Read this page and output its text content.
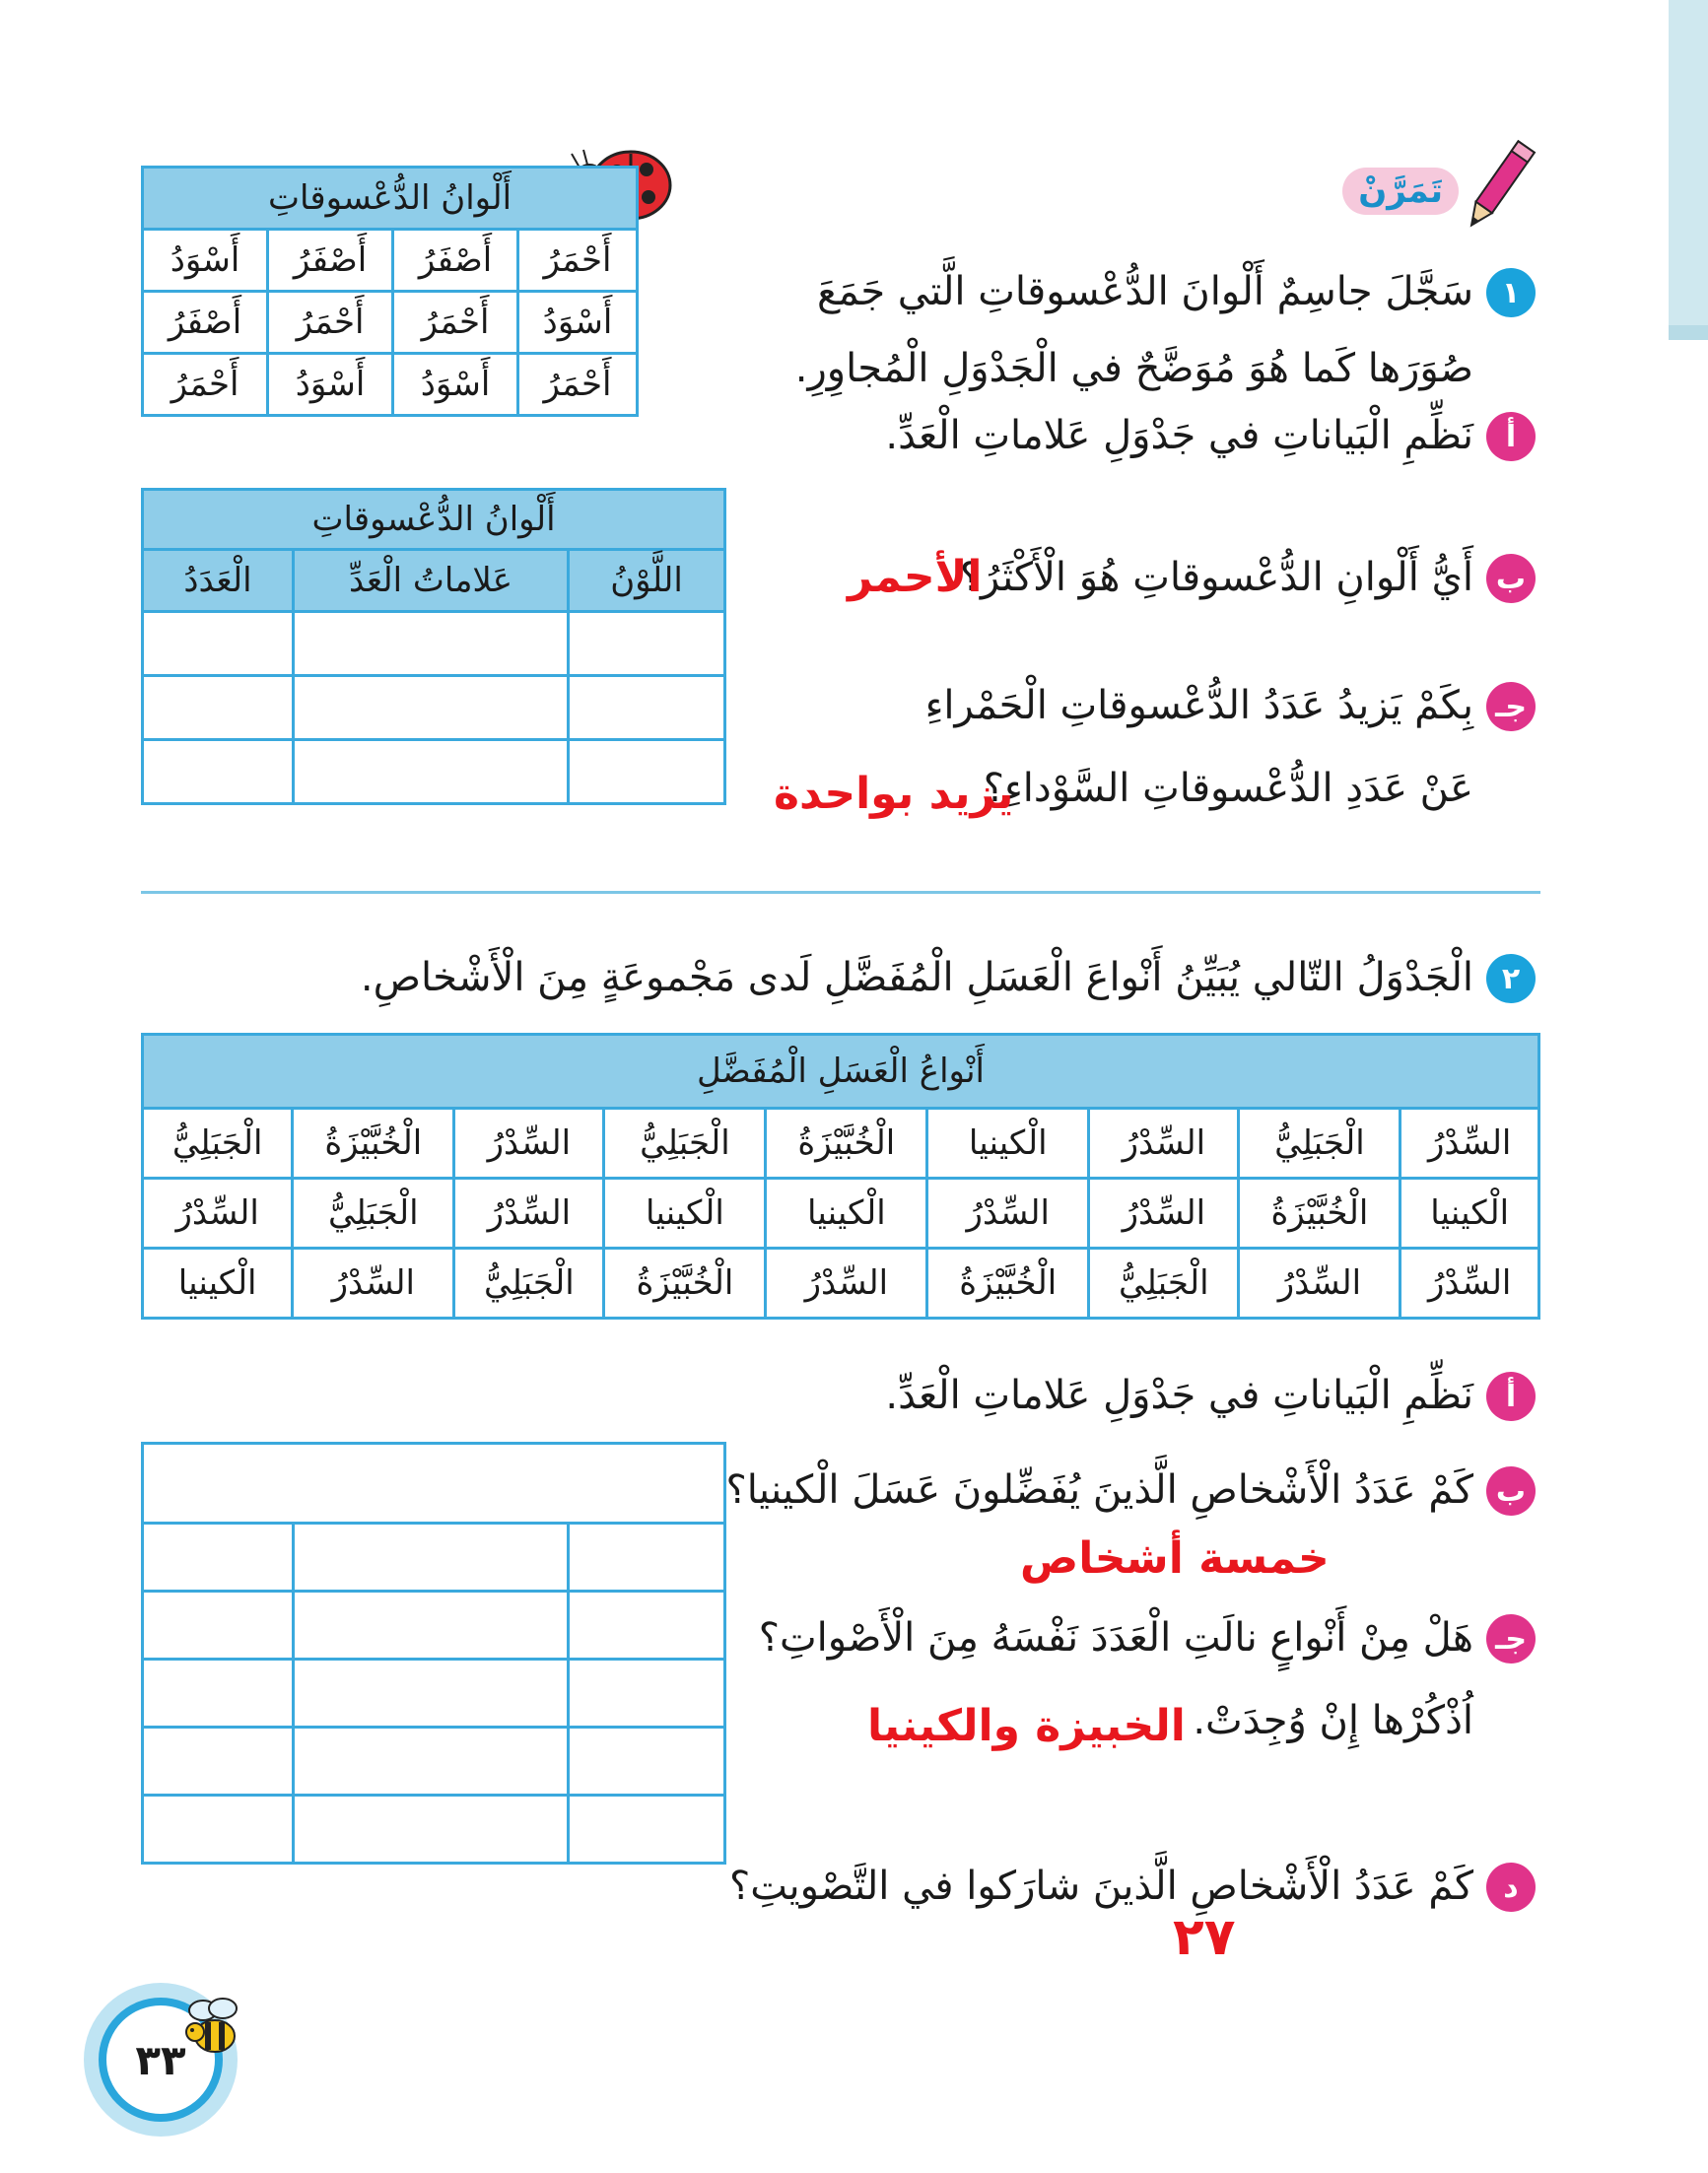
تَمَرَّنْ
١
سَجَّلَ جاسِمٌ أَلْوانَ الدُّعْسوقاتِ الَّتي جَمَعَ
صُوَرَها كَما هُوَ مُوَضَّحٌ في الْجَدْوَلِ الْمُجاوِرِ.
أ
نَظِّمِ الْبَياناتِ في جَدْوَلِ عَلاماتِ الْعَدِّ.
ب
أَيُّ أَلْوانِ الدُّعْسوقاتِ هُوَ الْأَكْثَرُ؟
الأحمر
جـ
بِكَمْ يَزيدُ عَدَدُ الدُّعْسوقاتِ الْحَمْراءِ
عَنْ عَدَدِ الدُّعْسوقاتِ السَّوْداءِ؟
يزيد بواحدة
أَلْوانُ الدُّعْسوقاتِ			
أَحْمَرُ	أَصْفَرُ	أَصْفَرُ	أَسْوَدُ
أَسْوَدُ	أَحْمَرُ	أَحْمَرُ	أَصْفَرُ
أَحْمَرُ	أَسْوَدُ	أَسْوَدُ	أَحْمَرُ
أَلْوانُ الدُّعْسوقاتِ		
اللَّوْنُ	عَلاماتُ الْعَدِّ	الْعَدَدُ

٢
الْجَدْوَلُ التّالي يُبَيِّنُ أَنْواعَ الْعَسَلِ الْمُفَضَّلِ لَدى مَجْموعَةٍ مِنَ الْأَشْخاصِ.
أَنْواعُ الْعَسَلِ الْمُفَضَّلِ								
السِّدْرُ	الْجَبَلِيُّ	السِّدْرُ	الْكينيا	الْخُبَّيْزَةُ	الْجَبَلِيُّ	السِّدْرُ	الْخُبَّيْزَةُ	الْجَبَلِيُّ
الْكينيا	الْخُبَّيْزَةُ	السِّدْرُ	السِّدْرُ	الْكينيا	الْكينيا	السِّدْرُ	الْجَبَلِيُّ	السِّدْرُ
السِّدْرُ	السِّدْرُ	الْجَبَلِيُّ	الْخُبَّيْزَةُ	السِّدْرُ	الْخُبَّيْزَةُ	الْجَبَلِيُّ	السِّدْرُ	الْكينيا
أ
نَظِّمِ الْبَياناتِ في جَدْوَلِ عَلاماتِ الْعَدِّ.
ب
كَمْ عَدَدُ الْأَشْخاصِ الَّذينَ يُفَضِّلونَ عَسَلَ الْكينيا؟
خمسة أشخاص
جـ
هَلْ مِنْ أَنْواعٍ نالَتِ الْعَدَدَ نَفْسَهُ مِنَ الْأَصْواتِ؟
اُذْكُرْها إِنْ وُجِدَتْ.
الخبيزة والكينيا
د
كَمْ عَدَدُ الْأَشْخاصِ الَّذينَ شارَكوا في التَّصْويتِ؟
٢٧

٣٣
